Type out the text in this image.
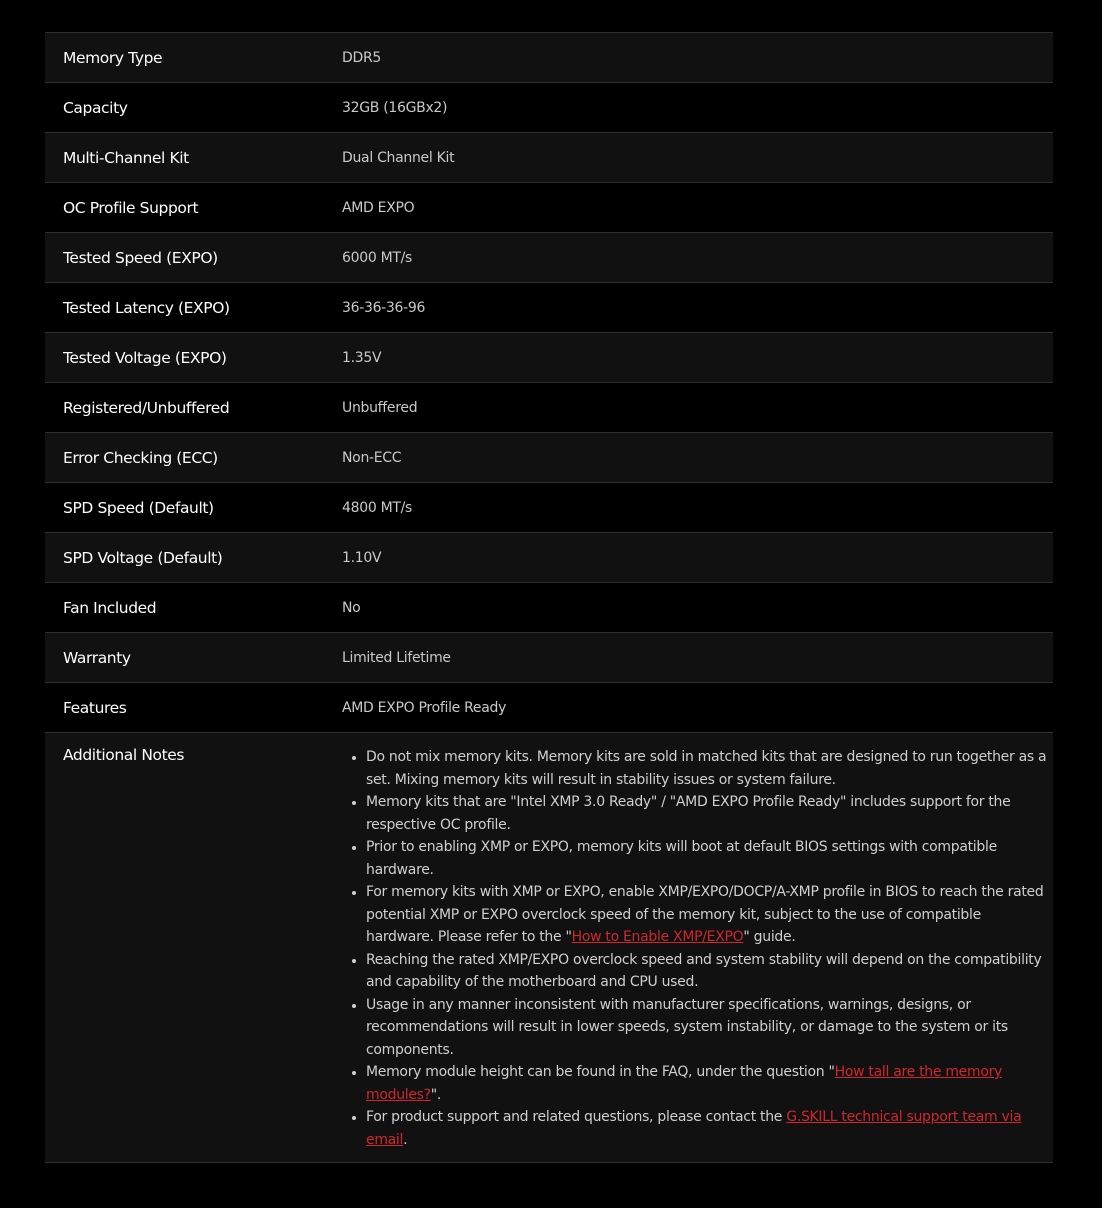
Memory Type	DDR5
Capacity	32GB (16GBx2)
Multi-Channel Kit	Dual Channel Kit
OC Profile Support	AMD EXPO
Tested Speed (EXPO)	6000 MT/s
Tested Latency (EXPO)	36-36-36-96
Tested Voltage (EXPO)	1.35V
Registered/Unbuffered	Unbuffered
Error Checking (ECC)	Non-ECC
SPD Speed (Default)	4800 MT/s
SPD Voltage (Default)	1.10V
Fan Included	No
Warranty	Limited Lifetime
Features	AMD EXPO Profile Ready
Additional Notes
•	Do not mix memory kits. Memory kits are sold in matched kits that are designed to run together as a set. Mixing memory kits will result in stability issues or system failure.
• Memory kits that are "Intel XMP 3.0 Ready" / "AMD EXPO Profile Ready" includes support for the respective OC profile.
• Prior to enabling XMP or EXPO, memory kits will boot at default BIOS settings with compatible hardware.
• For memory kits with XMP or EXPO, enable XMP/EXPO/DOCP/A-XMP profile in BIOS to reach the rated potential XMP or EXPO overclock speed of the memory kit, subject to the use of compatible hardware. Please refer to the "How to Enable XMP/EXPO" guide.
• Reaching the rated XMP/EXPO overclock speed and system stability will depend on the compatibility and capability of the motherboard and CPU used.
• Usage in any manner inconsistent with manufacturer specifications, warnings, designs, or recommendations will result in lower speeds, system instability, or damage to the system or its components.
• Memory module height can be found in the FAQ, under the question "How tall are the memory modules?".
• For product support and related questions, please contact the G.SKILL technical support team via email.
